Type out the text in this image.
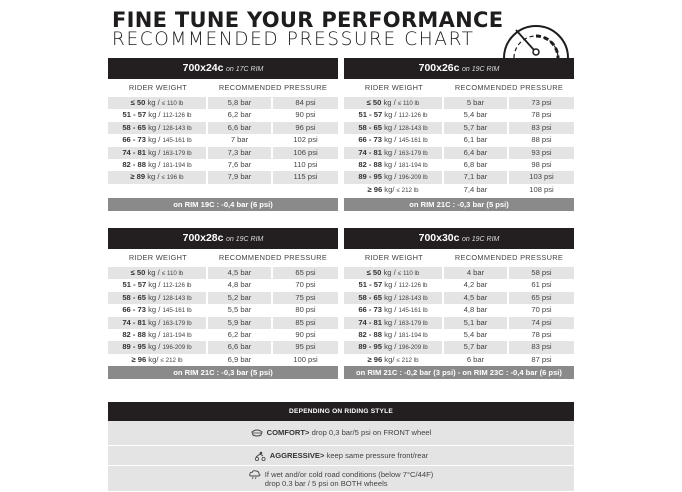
FINE TUNE YOUR PERFORMANCE
RECOMMENDED PRESSURE CHART
700x24c on 17C RIM
RIDER WEIGHT	RECOMMENDED PRESSURE
≤ 50 kg / ≤ 110 lb	5,8 bar	84 psi
51 - 57 kg / 112-126 lb	6,2 bar	90 psi
58 - 65 kg / 128-143 lb	6,6 bar	96 psi
66 - 73 kg / 145-161 lb	7 bar	102 psi
74 - 81 kg / 163-179 lb	7,3 bar	106 psi
82 - 88 kg / 181-194 lb	7,6 bar	110 psi
≥ 89 kg / ≤ 196 lb	7,9 bar	115 psi
on RIM 19C : -0,4 bar (6 psi)
700x26c on 19C RIM
RIDER WEIGHT	RECOMMENDED PRESSURE
≤ 50 kg / ≤ 110 lb	5 bar	73 psi
51 - 57 kg / 112-126 lb	5,4 bar	78 psi
58 - 65 kg / 128-143 lb	5,7 bar	83 psi
66 - 73 kg / 145-161 lb	6,1 bar	88 psi
74 - 81 kg / 163-179 lb	6,4 bar	93 psi
82 - 88 kg / 181-194 lb	6,8 bar	98 psi
89 - 95 kg / 196-209 lb	7,1 bar	103 psi
≥ 96 kg/ ≤ 212 lb	7,4 bar	108 psi
on RIM 21C : -0,3 bar (5 psi)
700x28c on 19C RIM
RIDER WEIGHT	RECOMMENDED PRESSURE
≤ 50 kg / ≤ 110 lb	4,5 bar	65 psi
51 - 57 kg / 112-126 lb	4,8 bar	70 psi
58 - 65 kg / 128-143 lb	5,2 bar	75 psi
66 - 73 kg / 145-161 lb	5,5 bar	80 psi
74 - 81 kg / 163-179 lb	5,9 bar	85 psi
82 - 88 kg / 181-194 lb	6,2 bar	90 psi
89 - 95 kg / 196-209 lb	6,6 bar	95 psi
≥ 96 kg/ ≤ 212 lb	6,9 bar	100 psi
on RIM 21C : -0,3 bar (5 psi)
700x30c on 19C RIM
RIDER WEIGHT	RECOMMENDED PRESSURE
≤ 50 kg / ≤ 110 lb	4 bar	58 psi
51 - 57 kg / 112-126 lb	4,2 bar	61 psi
58 - 65 kg / 128-143 lb	4,5 bar	65 psi
66 - 73 kg / 145-161 lb	4,8 bar	70 psi
74 - 81 kg / 163-179 lb	5,1 bar	74 psi
82 - 88 kg / 181-194 lb	5,4 bar	78 psi
89 - 95 kg / 196-209 lb	5,7 bar	83 psi
≥ 96 kg/ ≤ 212 lb	6 bar	87 psi
on RIM 21C : -0,2 bar (3 psi) - on RIM 23C : -0,4 bar (6 psi)
DEPENDING ON RIDING STYLE
COMFORT> drop 0,3 bar/5 psi on FRONT wheel
AGGRESSIVE> keep same pressure front/rear
If wet and/or cold road conditions (below 7°C/44F)
drop 0.3 bar / 5 psi on BOTH wheels
